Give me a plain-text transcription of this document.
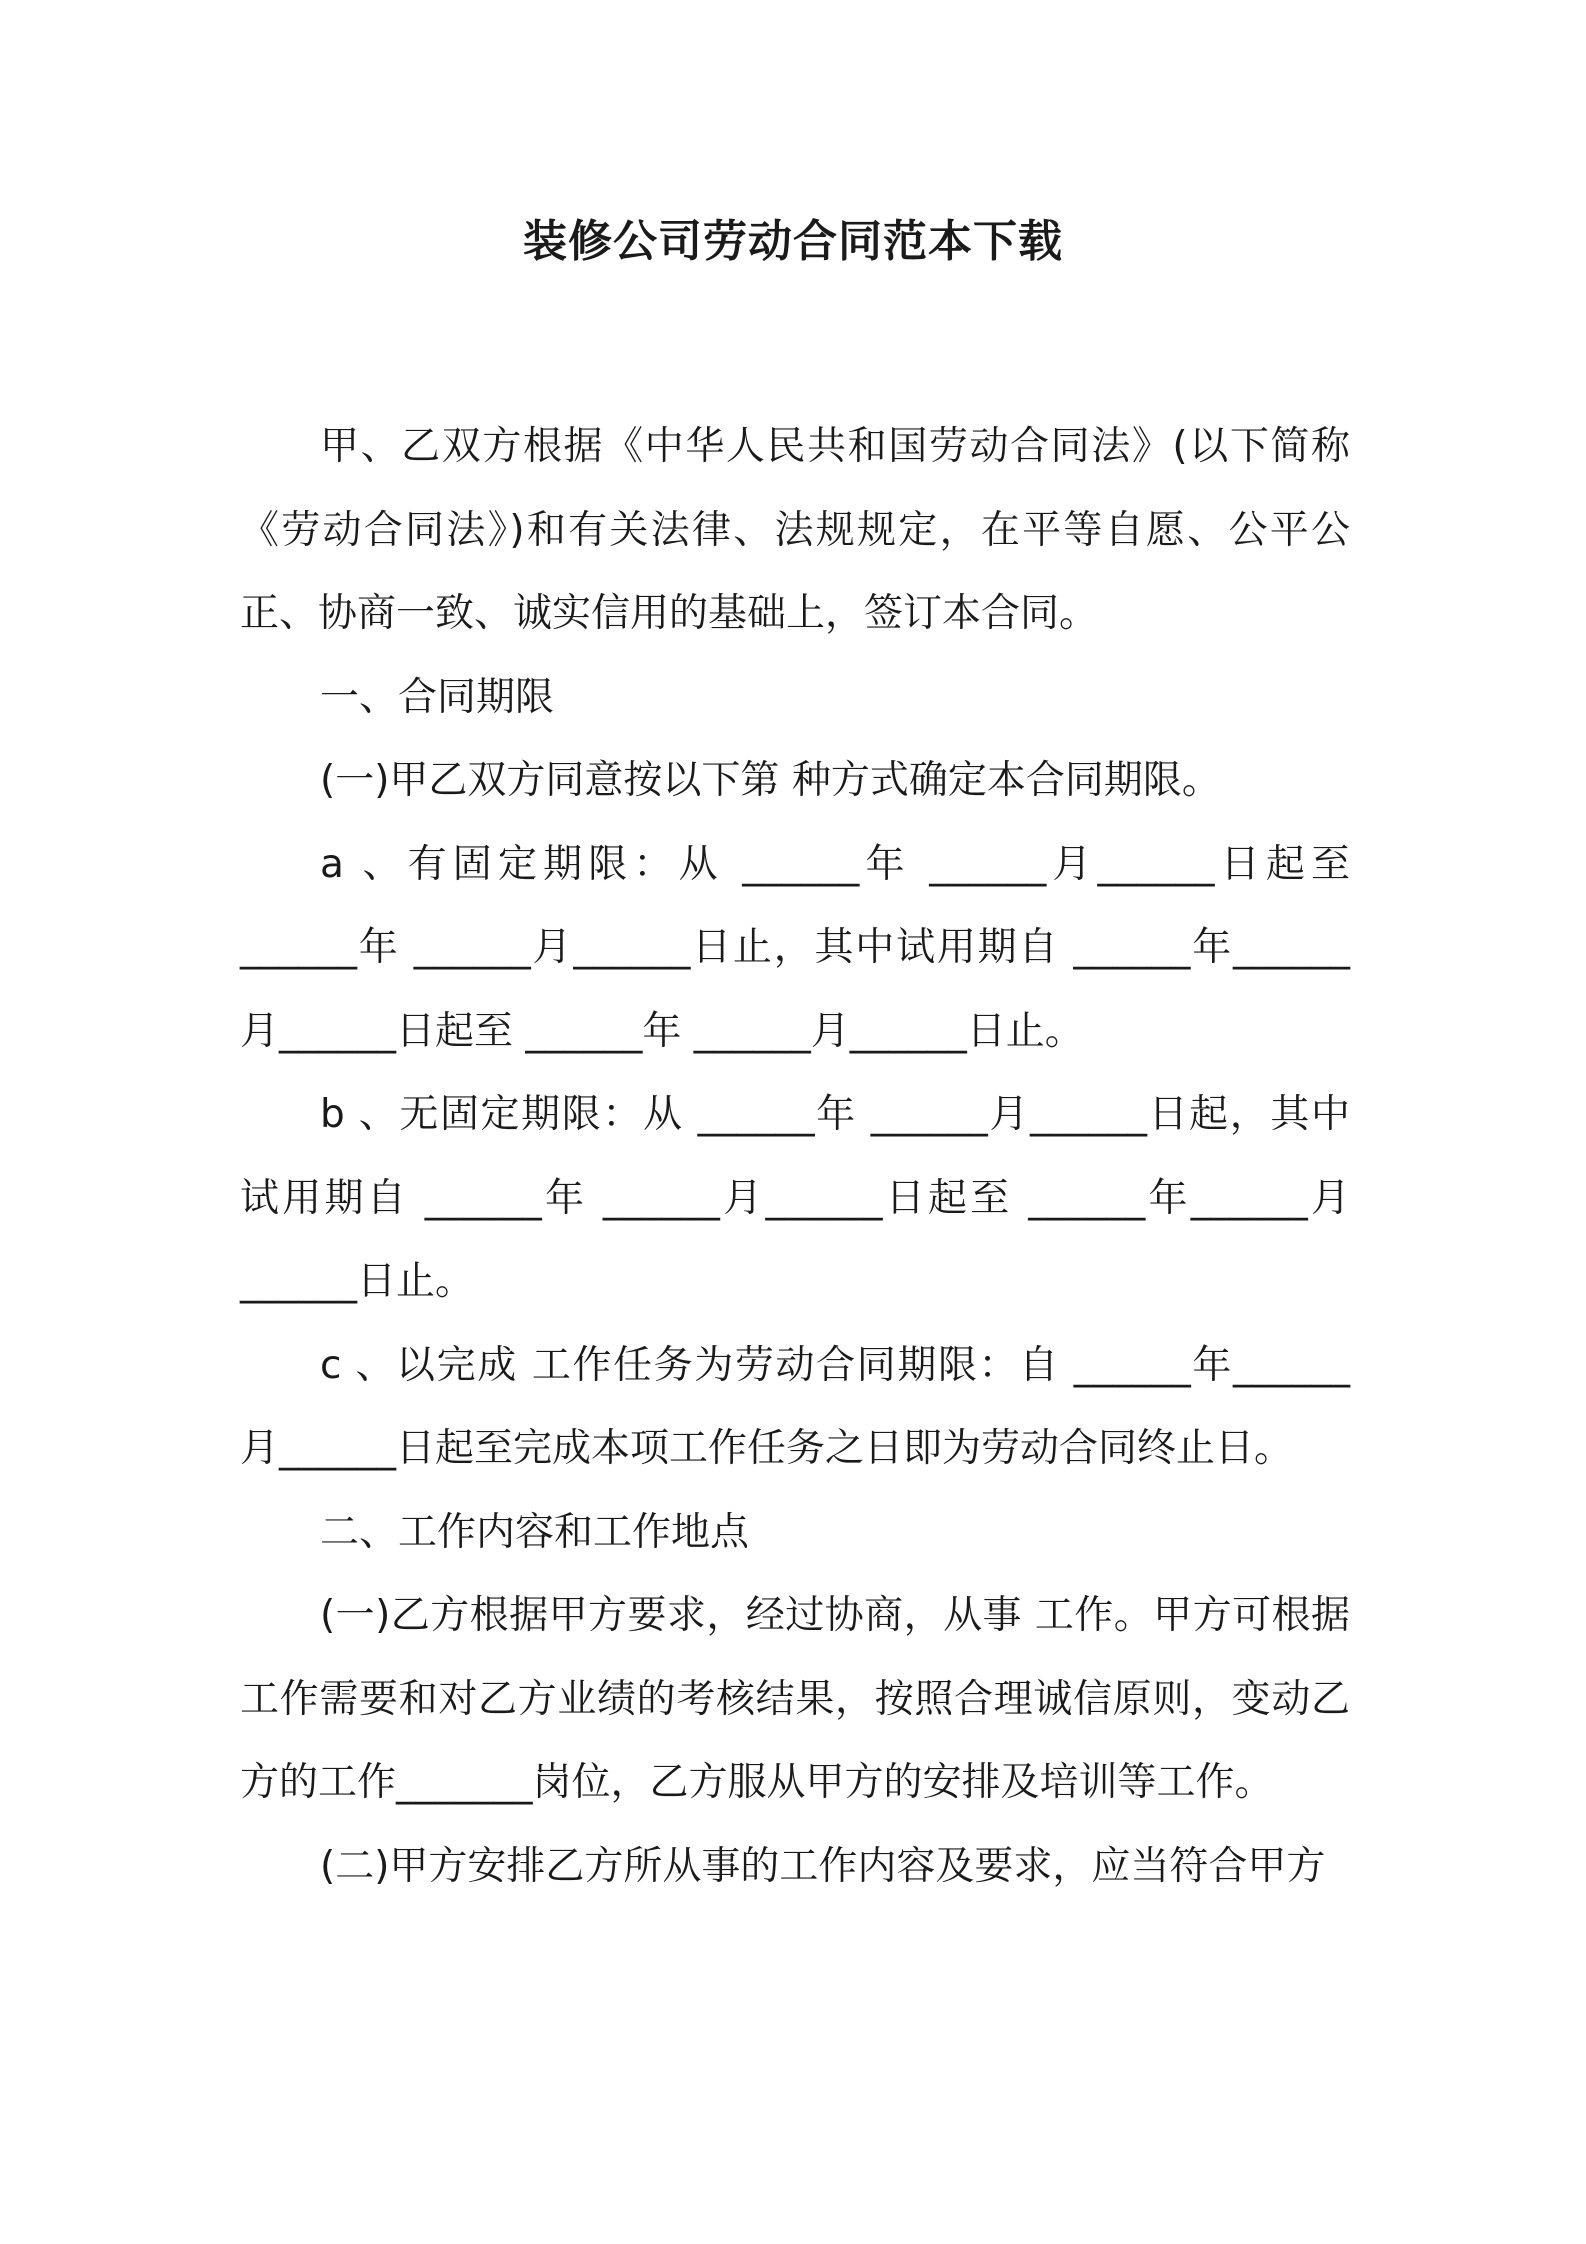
装修公司劳动合同范本下载

甲、乙双方根据《中华人民共和国劳动合同法》(以下简称《劳动合同法》)和有关法律、法规规定，在平等自愿、公平公正、协商一致、诚实信用的基础上，签订本合同。

一、合同期限

(一)甲乙双方同意按以下第 种方式确定本合同期限。

a 、有固定期限：从 ______年 ______月______日起至______年 ______月______日止，其中试用期自 ______年______月______日起至 ______年 ______月______日止。

b 、无固定期限：从 ______年 ______月______日起，其中试用期自 ______年 ______月______日起至 ______年______月______日止。

c 、以完成 工作任务为劳动合同期限：自 ______年______月______日起至完成本项工作任务之日即为劳动合同终止日。

二、工作内容和工作地点

(一)乙方根据甲方要求，经过协商，从事 工作。甲方可根据工作需要和对乙方业绩的考核结果，按照合理诚信原则，变动乙方的工作_______岗位，乙方服从甲方的安排及培训等工作。

(二)甲方安排乙方所从事的工作内容及要求，应当符合甲方
